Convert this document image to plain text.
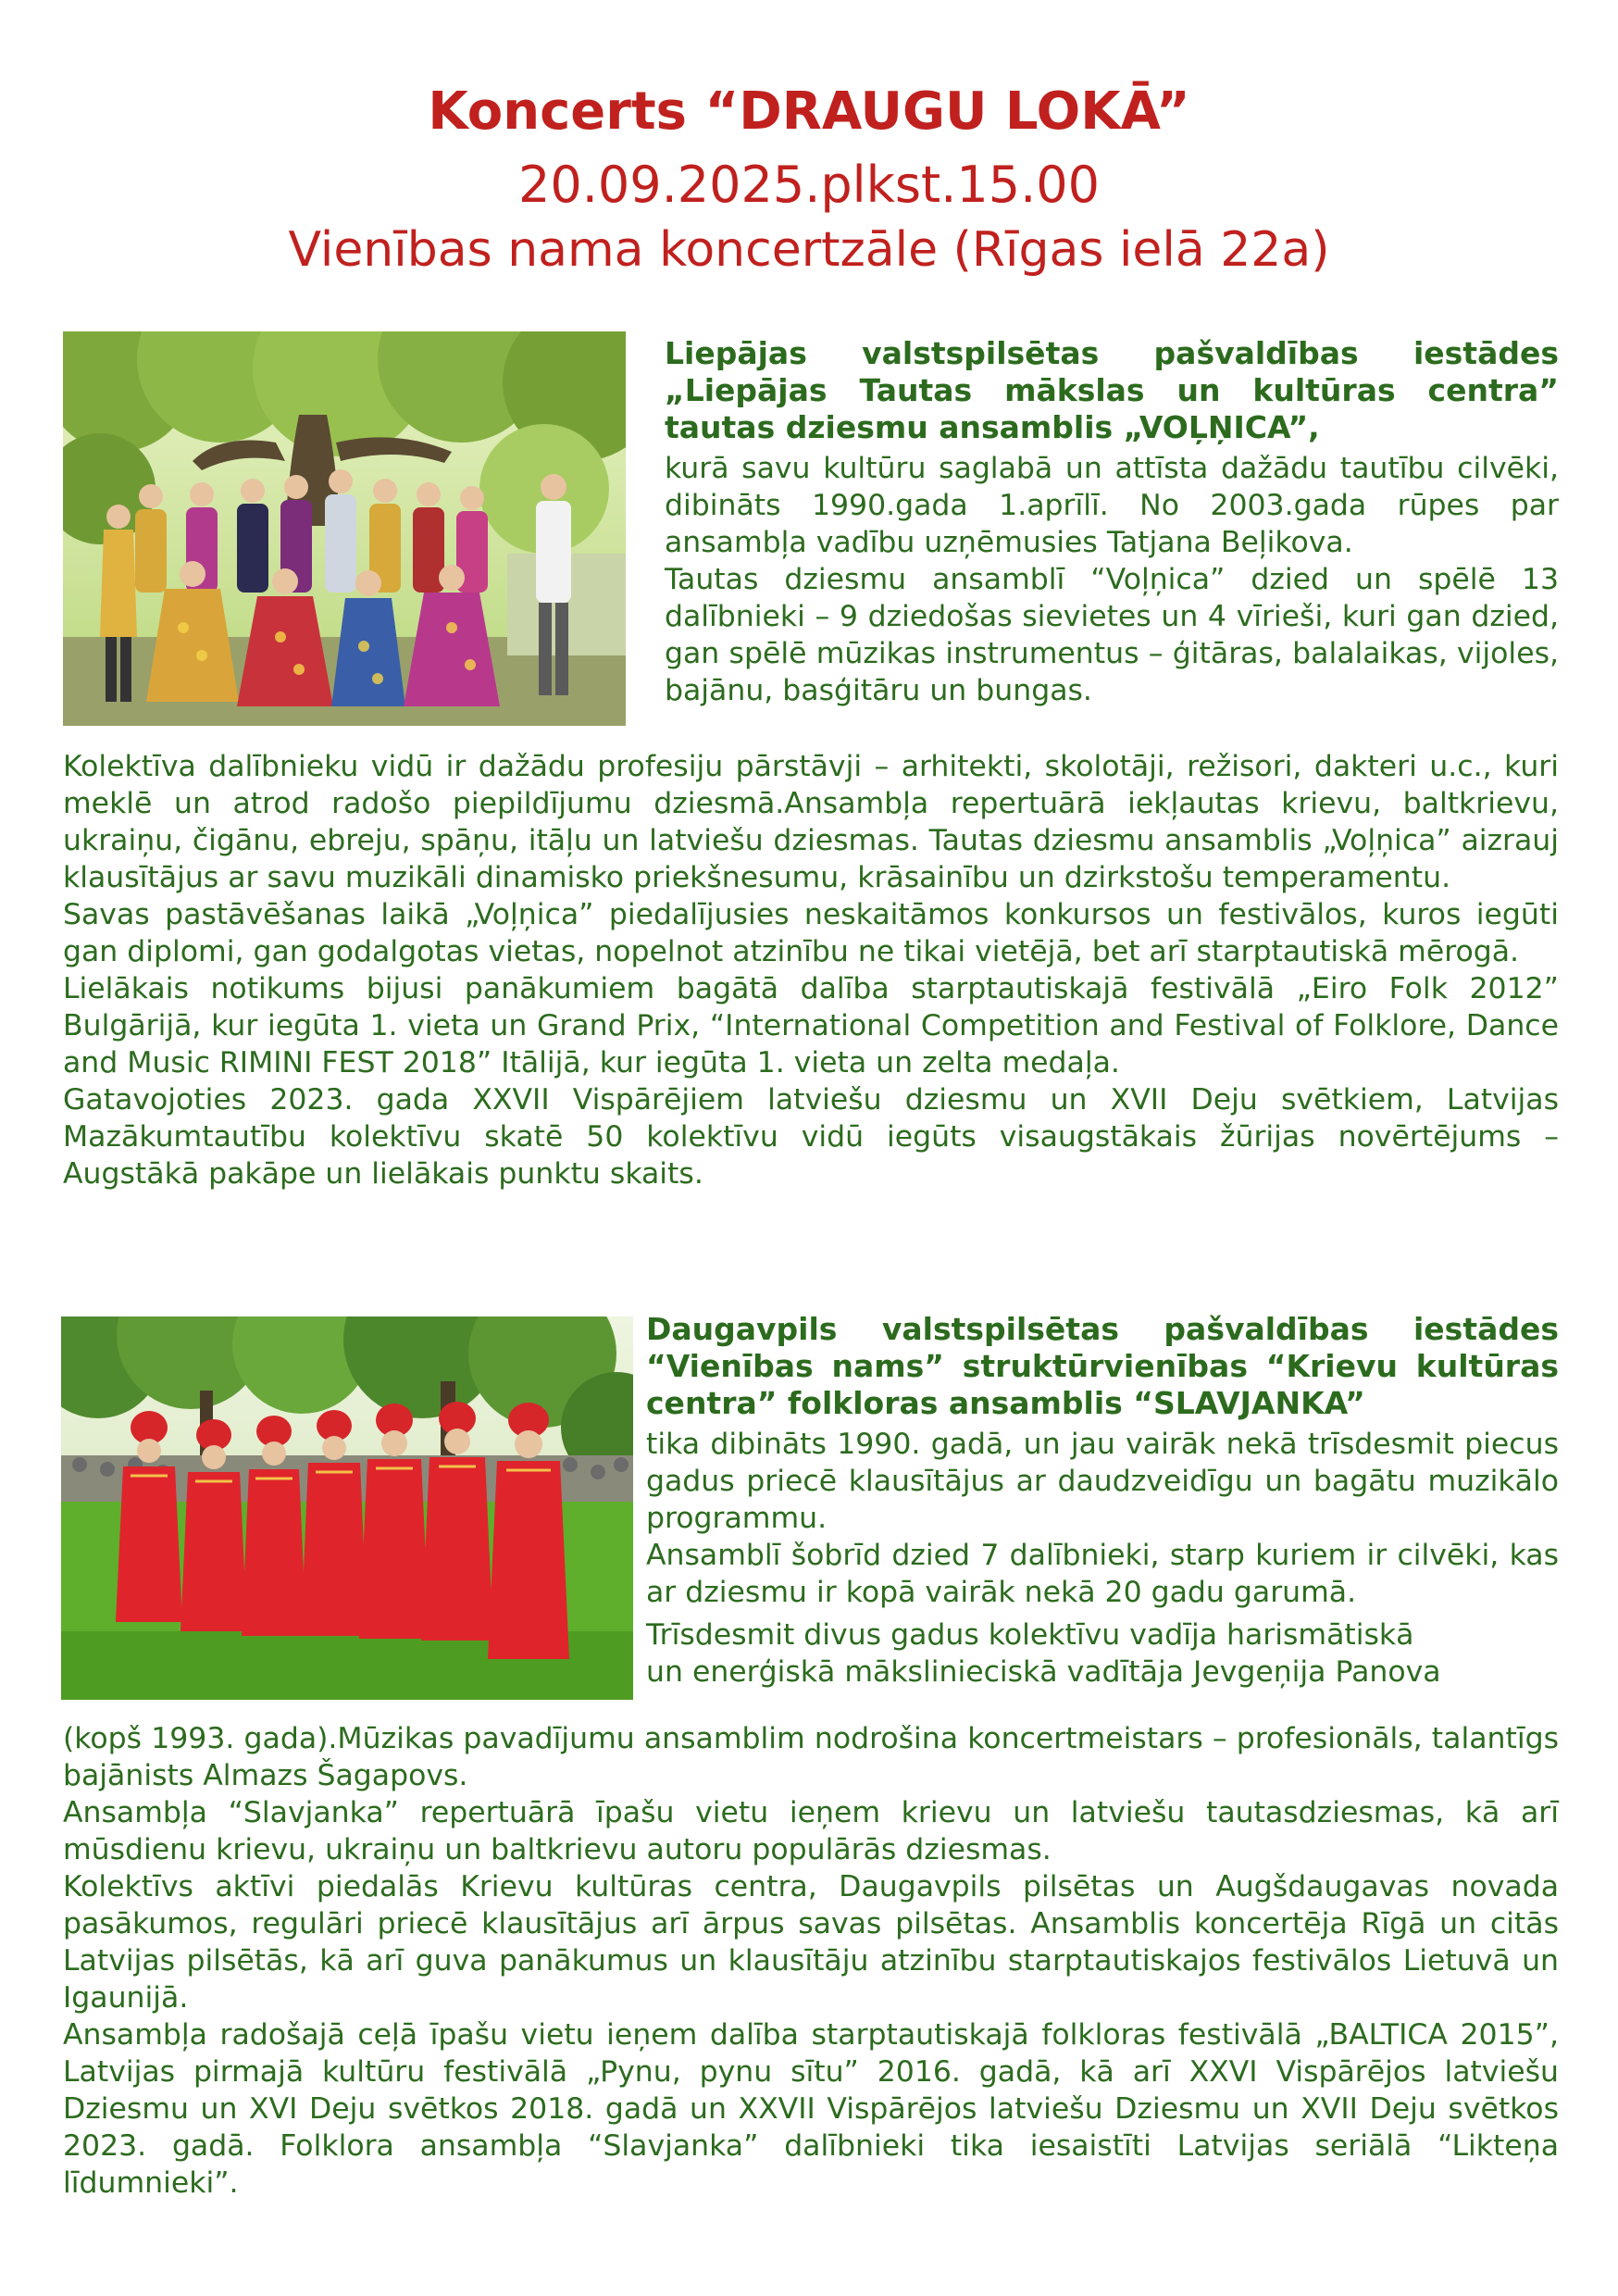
Koncerts “DRAUGU LOKĀ”
20.09.2025.plkst.15.00
Vienības nama koncertzāle (Rīgas ielā 22a)

Liepājas valstspilsētas pašvaldības iestādes

„Liepājas Tautas mākslas un kultūras centra”

tautas dziesmu ansamblis „VOĻŅICA”,

kurā savu kultūru saglabā un attīsta dažādu tautību cilvēki, dibināts 1990.gada 1.aprīlī. No 2003.gada rūpes par ansambļa vadību uzņēmusies Tatjana Beļikova.

Tautas dziesmu ansamblī “Voļņica” dzied un spēlē 13 dalībnieki – 9 dziedošas sievietes un 4 vīrieši, kuri gan dzied, gan spēlē mūzikas instrumentus – ģitāras, balalaikas, vijoles, bajānu, basģitāru un bungas.

Kolektīva dalībnieku vidū ir dažādu profesiju pārstāvji – arhitekti, skolotāji, režisori, dakteri u.c., kuri meklē un atrod radošo piepildījumu dziesmā.Ansambļa repertuārā iekļautas krievu, baltkrievu, ukraiņu, čigānu, ebreju, spāņu, itāļu un latviešu dziesmas. Tautas dziesmu ansamblis „Voļņica” aizrauj klausītājus ar savu muzikāli dinamisko priekšnesumu, krāsainību un dzirkstošu temperamentu.

Savas pastāvēšanas laikā „Voļņica” piedalījusies neskaitāmos konkursos un festivālos, kuros iegūti gan diplomi, gan godalgotas vietas, nopelnot atzinību ne tikai vietējā, bet arī starptautiskā mērogā.

Lielākais notikums bijusi panākumiem bagātā dalība starptautiskajā festivālā „Eiro Folk 2012” Bulgārijā, kur iegūta 1. vieta un Grand Prix, “International Competition and Festival of Folklore, Dance and Music RIMINI FEST 2018” Itālijā, kur iegūta 1. vieta un zelta medaļa.

Gatavojoties 2023. gada XXVII Vispārējiem latviešu dziesmu un XVII Deju svētkiem, Latvijas Mazākumtautību kolektīvu skatē 50 kolektīvu vidū iegūts visaugstākais žūrijas novērtējums – Augstākā pakāpe un lielākais punktu skaits.

Daugavpils valstspilsētas pašvaldības iestādes

“Vienības nams” struktūrvienības “Krievu kultūras

centra” folkloras ansamblis “SLAVJANKA”

tika dibināts 1990. gadā, un jau vairāk nekā trīsdesmit piecus gadus priecē klausītājus ar daudzveidīgu un bagātu muzikālo programmu.

Ansamblī šobrīd dzied 7 dalībnieki, starp kuriem ir cilvēki, kas ar dziesmu ir kopā vairāk nekā 20 gadu garumā.

Trīsdesmit divus gadus kolektīvu vadīja harismātiskā

un enerģiskā mākslinieciskā vadītāja Jevgeņija Panova

(kopš 1993. gada).Mūzikas pavadījumu ansamblim nodrošina koncertmeistars – profesionāls, talantīgs bajānists Almazs Šagapovs.

Ansambļa “Slavjanka” repertuārā īpašu vietu ieņem krievu un latviešu tautasdziesmas, kā arī mūsdienu krievu, ukraiņu un baltkrievu autoru populārās dziesmas.

Kolektīvs aktīvi piedalās Krievu kultūras centra, Daugavpils pilsētas un Augšdaugavas novada pasākumos, regulāri priecē klausītājus arī ārpus savas pilsētas. Ansamblis koncertēja Rīgā un citās Latvijas pilsētās, kā arī guva panākumus un klausītāju atzinību starptautiskajos festivālos Lietuvā un Igaunijā.

Ansambļa radošajā ceļā īpašu vietu ieņem dalība starptautiskajā folkloras festivālā „BALTICA 2015”, Latvijas pirmajā kultūru festivālā „Pynu, pynu sītu” 2016. gadā, kā arī XXVI Vispārējos latviešu Dziesmu un XVI Deju svētkos 2018. gadā un XXVII Vispārējos latviešu Dziesmu un XVII Deju svētkos 2023. gadā. Folklora ansambļa “Slavjanka” dalībnieki tika iesaistīti Latvijas seriālā “Likteņa līdumnieki”.
